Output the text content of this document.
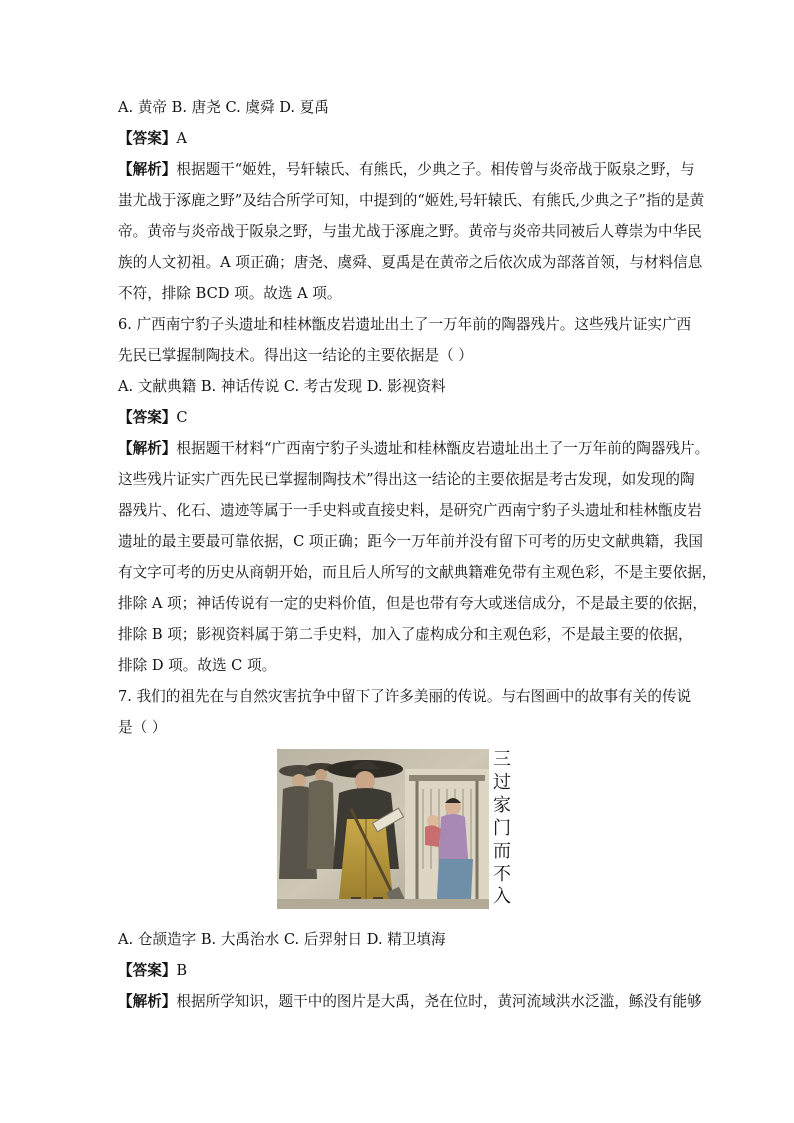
A. 黄帝 B. 唐尧 C. 虞舜 D. 夏禹

【答案】A

【解析】根据题干“姬姓，号轩辕氏、有熊氏，少典之子。相传曾与炎帝战于阪泉之野，与

蚩尤战于涿鹿之野”及结合所学可知，中提到的“姬姓,号轩辕氏、有熊氏,少典之子”指的是黄

帝。黄帝与炎帝战于阪泉之野，与蚩尤战于涿鹿之野。黄帝与炎帝共同被后人尊崇为中华民

族的人文初祖。A 项正确；唐尧、虞舜、夏禹是在黄帝之后依次成为部落首领，与材料信息

不符，排除 BCD 项。故选 A 项。

6. 广西南宁豹子头遗址和桂林甑皮岩遗址出土了一万年前的陶器残片。这些残片证实广西

先民已掌握制陶技术。得出这一结论的主要依据是（ ）

A. 文献典籍 B. 神话传说 C. 考古发现 D. 影视资料

【答案】C

【解析】根据题干材料“广西南宁豹子头遗址和桂林甑皮岩遗址出土了一万年前的陶器残片。

这些残片证实广西先民已掌握制陶技术”得出这一结论的主要依据是考古发现，如发现的陶

器残片、化石、遗迹等属于一手史料或直接史料，是研究广西南宁豹子头遗址和桂林甑皮岩

遗址的最主要最可靠依据，C 项正确；距今一万年前并没有留下可考的历史文献典籍，我国

有文字可考的历史从商朝开始，而且后人所写的文献典籍难免带有主观色彩，不是主要依据，

排除 A 项；神话传说有一定的史料价值，但是也带有夸大或迷信成分，不是最主要的依据，

排除 B 项；影视资料属于第二手史料，加入了虚构成分和主观色彩，不是最主要的依据，

排除 D 项。故选 C 项。

7. 我们的祖先在与自然灾害抗争中留下了许多美丽的传说。与右图画中的故事有关的传说

是（ ）

三
过
家
门
而
不
入

A. 仓颉造字 B. 大禹治水 C. 后羿射日 D. 精卫填海

【答案】B

【解析】根据所学知识，题干中的图片是大禹，尧在位时，黄河流域洪水泛滥，鲧没有能够
